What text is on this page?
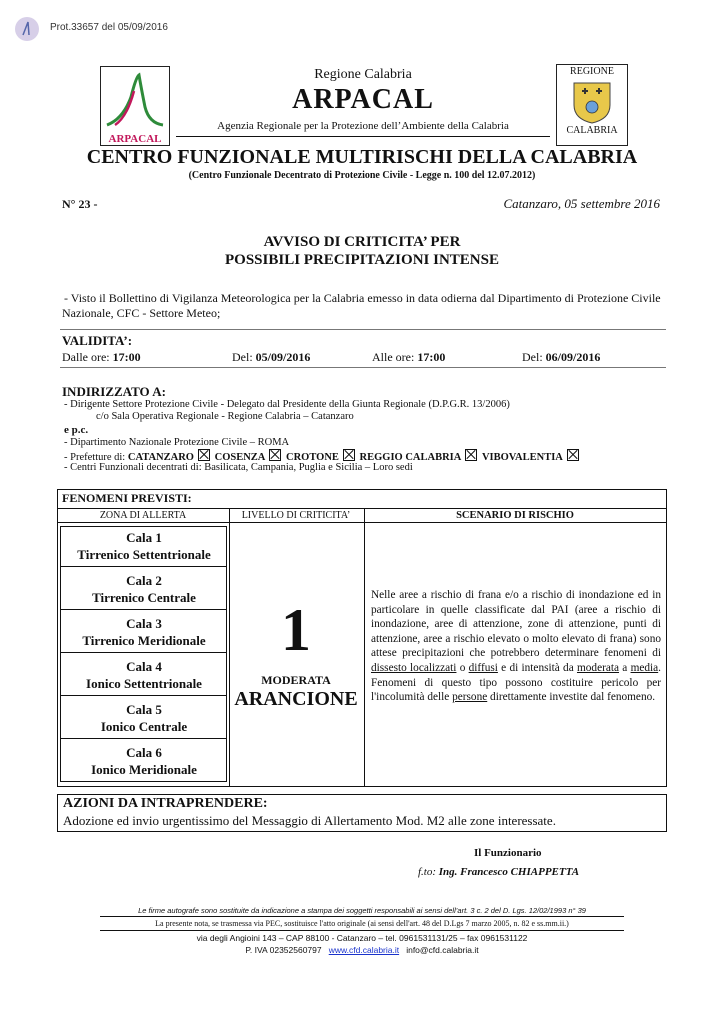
Prot.33657 del 05/09/2016
ARPACAL
REGIONE
CALABRIA
Regione Calabria
ARPACAL
Agenzia Regionale per la Protezione dell’Ambiente della Calabria
CENTRO FUNZIONALE MULTIRISCHI DELLA CALABRIA
(Centro Funzionale Decentrato di Protezione Civile - Legge n. 100 del 12.07.2012)
N° 23 -	Catanzaro, 05 settembre 2016
AVVISO DI CRITICITA’ PER
POSSIBILI PRECIPITAZIONI INTENSE
- Visto il Bollettino di Vigilanza Meteorologica per la Calabria emesso in data odierna dal Dipartimento di Protezione Civile
Nazionale, CFC - Settore Meteo;
VALIDITA’:
Dalle ore: 17:00	Del: 05/09/2016	Alle ore: 17:00	Del: 06/09/2016
INDIRIZZATO A:
- Dirigente Settore Protezione Civile - Delegato dal Presidente della Giunta Regionale (D.P.G.R. 13/2006)
c/o Sala Operativa Regionale - Regione Calabria – Catanzaro
e p.c.
- Dipartimento Nazionale Protezione Civile – ROMA
- Prefetture di: CATANZARO COSENZA CROTONE REGGIO CALABRIA VIBOVALENTIA
- Centri Funzionali decentrati di: Basilicata, Campania, Puglia e Sicilia – Loro sedi
FENOMENI PREVISTI:
ZONA DI ALLERTA	LIVELLO DI CRITICITA’	SCENARIO DI RISCHIO
Cala 1
Tirrenico Settentrionale
Cala 2
Tirrenico Centrale
Cala 3
Tirrenico Meridionale
Cala 4
Ionico Settentrionale
Cala 5
Ionico Centrale
Cala 6
Ionico Meridionale
1
MODERATA
ARANCIONE
Nelle aree a rischio di frana e/o a rischio di inondazione ed in particolare in quelle classificate dal PAI (aree a rischio di inondazione, aree di attenzione, zone di attenzione, punti di attenzione, aree a rischio elevato o molto elevato di frana) sono attese precipitazioni che potrebbero determinare fenomeni di dissesto localizzati o diffusi e di intensità da moderata a media. Fenomeni di questo tipo possono costituire pericolo per l'incolumità delle persone direttamente investite dal fenomeno.
AZIONI DA INTRAPRENDERE:
Adozione ed invio urgentissimo del Messaggio di Allertamento Mod. M2 alle zone interessate.
Il Funzionario
f.to: Ing. Francesco CHIAPPETTA
Le firme autografe sono sostituite da indicazione a stampa dei soggetti responsabili ai sensi dell’art. 3 c. 2 del D. Lgs. 12/02/1993 n° 39
La presente nota, se trasmessa via PEC, sostituisce l'atto originale (ai sensi dell'art. 48 del D.Lgs 7 marzo 2005, n. 82 e ss.mm.ii.)
via degli Angioini 143 – CAP 88100 - Catanzaro – tel. 0961531131/25 – fax 0961531122
P. IVA 02352560797 www.cfd.calabria.it info@cfd.calabria.it
